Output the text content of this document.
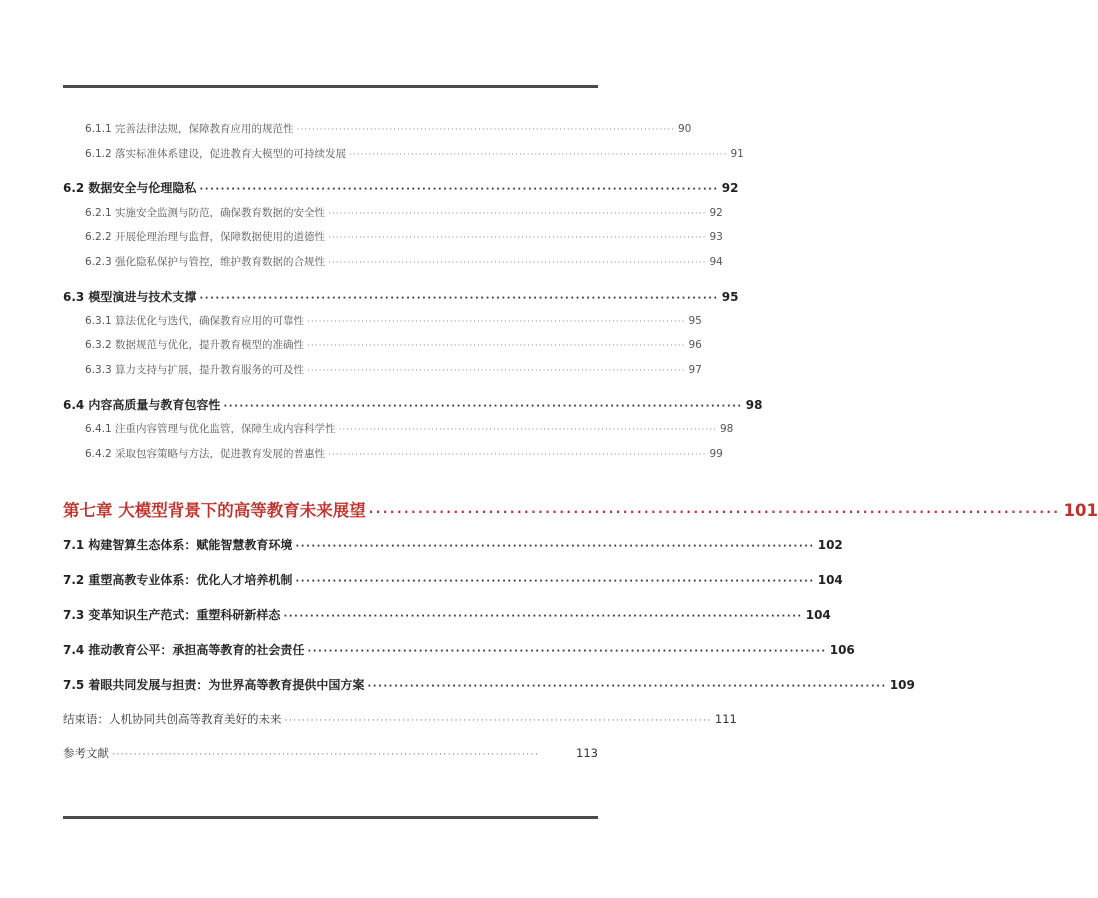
6.1.1 完善法律法规，保障教育应用的规范性 ·································································································· 90
6.1.2 落实标准体系建设，促进教育大模型的可持续发展 ·································································································· 91
6.2 数据安全与伦理隐私 ·································································································· 92
6.2.1 实施安全监测与防范，确保教育数据的安全性 ·································································································· 92
6.2.2 开展伦理治理与监督，保障数据使用的道德性 ·································································································· 93
6.2.3 强化隐私保护与管控，维护教育数据的合规性 ·································································································· 94
6.3 模型演进与技术支撑 ·································································································· 95
6.3.1 算法优化与迭代，确保教育应用的可靠性 ·································································································· 95
6.3.2 数据规范与优化，提升教育模型的准确性 ·································································································· 96
6.3.3 算力支持与扩展，提升教育服务的可及性 ·································································································· 97
6.4 内容高质量与教育包容性 ·································································································· 98
6.4.1 注重内容管理与优化监管，保障生成内容科学性 ·································································································· 98
6.4.2 采取包容策略与方法，促进教育发展的普惠性 ·································································································· 99
第七章 大模型背景下的高等教育未来展望 ·································································································· 101
7.1 构建智算生态体系：赋能智慧教育环境 ·································································································· 102
7.2 重塑高教专业体系：优化人才培养机制 ·································································································· 104
7.3 变革知识生产范式：重塑科研新样态 ·································································································· 104
7.4 推动教育公平：承担高等教育的社会责任 ·································································································· 106
7.5 着眼共同发展与担责：为世界高等教育提供中国方案 ·································································································· 109
结束语：人机协同共创高等教育美好的未来 ·································································································· 111
参考文献 ··································································································	113
